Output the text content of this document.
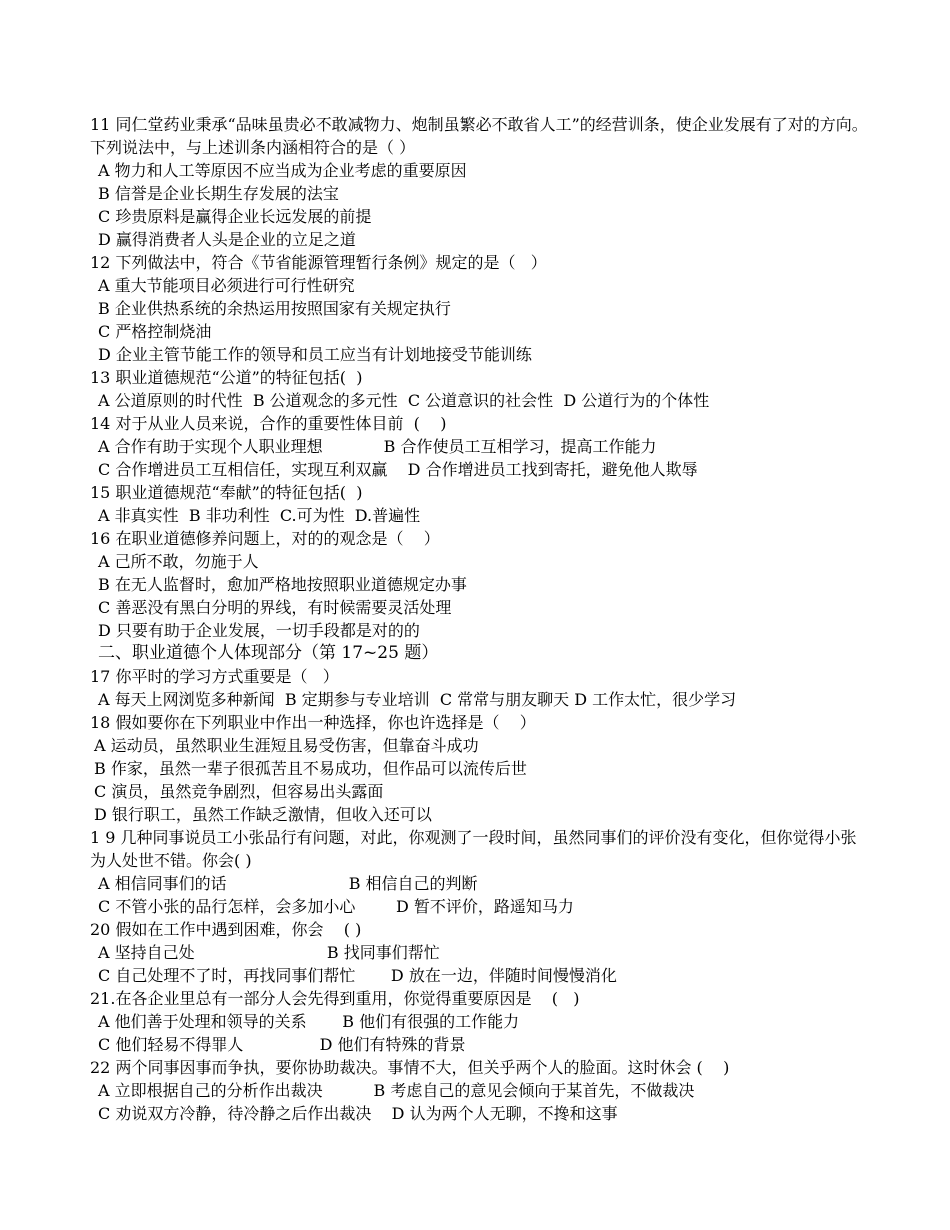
11 同仁堂药业秉承“品味虽贵必不敢减物力、炮制虽繁必不敢省人工”的经营训条，使企业发展有了对的方向。下列说法中，与上述训条内涵相符合的是（ ）
A 物力和人工等原因不应当成为企业考虑的重要原因
B 信誉是企业长期生存发展的法宝
C 珍贵原料是赢得企业长远发展的前提
D 赢得消费者人头是企业的立足之道
12 下列做法中，符合《节省能源管理暂行条例》规定的是（   ）
A 重大节能项目必须进行可行性研究
B 企业供热系统的余热运用按照国家有关规定执行
C 严格控制烧油
D 企业主管节能工作的领导和员工应当有计划地接受节能训练
13 职业道德规范“公道”的特征包括(  )
A 公道原则的时代性  B 公道观念的多元性  C 公道意识的社会性  D 公道行为的个体性
14 对于从业人员来说，合作的重要性体目前  (    )
A 合作有助于实现个人职业理想            B 合作使员工互相学习，提高工作能力
C 合作增进员工互相信任，实现互利双赢    D 合作增进员工找到寄托，避免他人欺辱
15 职业道德规范“奉献”的特征包括(  )
A 非真实性  B 非功利性  C.可为性  D.普遍性
16 在职业道德修养问题上，对的的观念是（    ）
A 己所不敢，勿施于人
B 在无人监督时，愈加严格地按照职业道德规定办事
C 善恶没有黑白分明的界线，有时候需要灵活处理
D 只要有助于企业发展，一切手段都是对的的
二、职业道德个人体现部分（第 17~25 题）
17 你平时的学习方式重要是（   ）
A 每天上网浏览多种新闻  B 定期参与专业培训  C 常常与朋友聊天 D 工作太忙，很少学习
18 假如要你在下列职业中作出一种选择，你也许选择是（    ）
A 运动员，虽然职业生涯短且易受伤害，但靠奋斗成功
B 作家，虽然一辈子很孤苦且不易成功，但作品可以流传后世
C 演员，虽然竞争剧烈，但容易出头露面
D 银行职工，虽然工作缺乏激情，但收入还可以
1 9 几种同事说员工小张品行有问题，对此，你观测了一段时间，虽然同事们的评价没有变化，但你觉得小张为人处世不错。你会( )
A 相信同事们的话                        B 相信自己的判断
C 不管小张的品行怎样，会多加小心        D 暂不评价，路遥知马力
20 假如在工作中遇到困难，你会    ( )
A 坚持自己处                          B 找同事们帮忙
C 自己处理不了时，再找同事们帮忙       D 放在一边，伴随时间慢慢消化
21.在各企业里总有一部分人会先得到重用，你觉得重要原因是    (   )
A 他们善于处理和领导的关系       B 他们有很强的工作能力
C 他们轻易不得罪人               D 他们有特殊的背景
22 两个同事因事而争执，要你协助裁决。事情不大，但关乎两个人的脸面。这时休会 (    )
A 立即根据自己的分析作出裁决          B 考虑自己的意见会倾向于某首先，不做裁决
C 劝说双方冷静，待冷静之后作出裁决    D 认为两个人无聊，不搀和这事
